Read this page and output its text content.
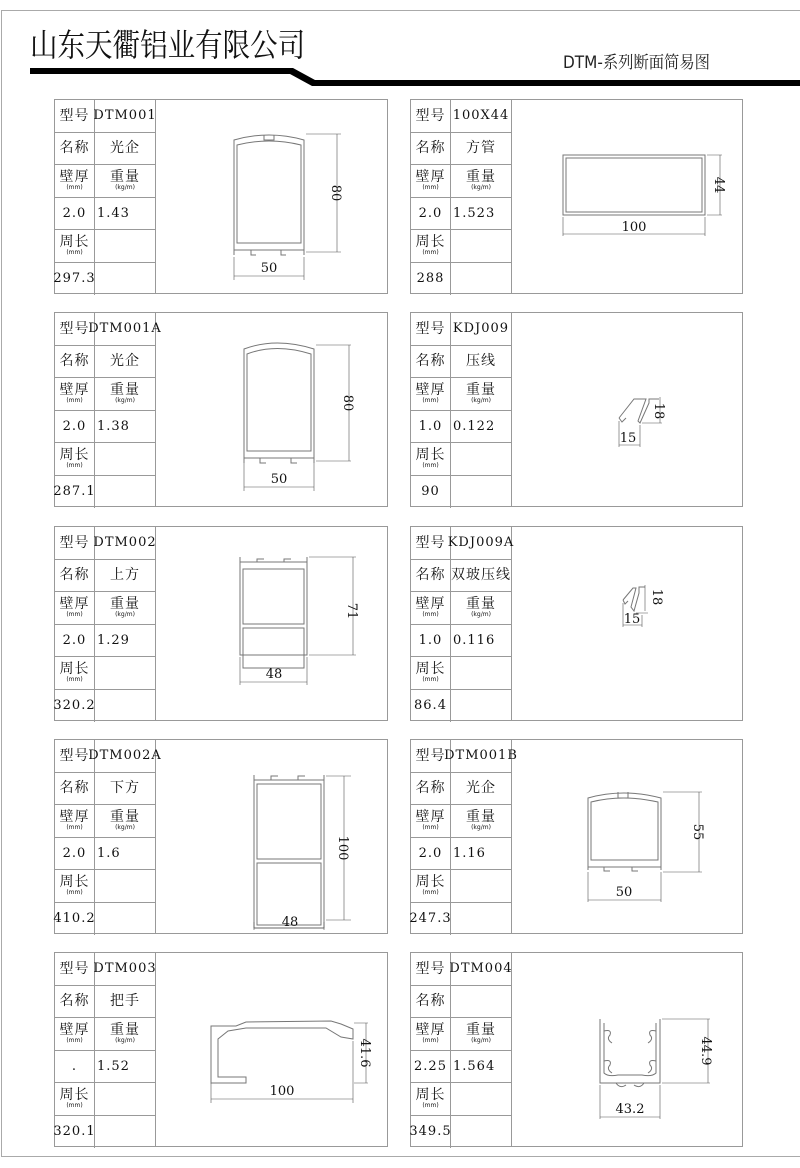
山东天衢铝业有限公司	DTM-系列断面简易图
型号 DTM001
名称 光企
壁厚
(mm)
重量
(kg/m)
2.0 1.43
周长
(mm)
297.3
50
80
型号 100X44
名称 方管
壁厚
(mm)
重量
(kg/m)
2.0 1.523
周长
(mm)
288
100
44
型号
DTM001A
名称 光企
壁厚
(mm)
重量
(kg/m)
2.0 1.38
周长
(mm)
287.1
50
80
型号 KDJ009
名称 压线
壁厚
(mm)
重量
(kg/m)
1.0 0.122
周长
(mm)
90
15
18
型号 DTM002
名称 上方
壁厚
(mm)
重量
(kg/m)
2.0 1.29
周长
(mm)
320.2
48
71
型号 KDJ009A
名称 双玻压线
壁厚
(mm)
重量
(kg/m)
1.0 0.116
周长
(mm)
86.4
15
18
型号
DTM002A
名称 下方
壁厚
(mm)
重量
(kg/m)
2.0 1.6
周长
(mm)
410.2	48
100
型号
DTM001B
名称 光企
壁厚
(mm)
重量
(kg/m)
2.0 1.16
周长
(mm)
247.3
50
55
型号 DTM003
名称 把手
壁厚
(mm)
重量
(kg/m)
. 1.52
周长
(mm)
320.1
100
41.6
型号 DTM004
名称
壁厚
(mm)
重量
(kg/m)
2.25 1.564
周长
(mm)
349.5
43.2
44.9
